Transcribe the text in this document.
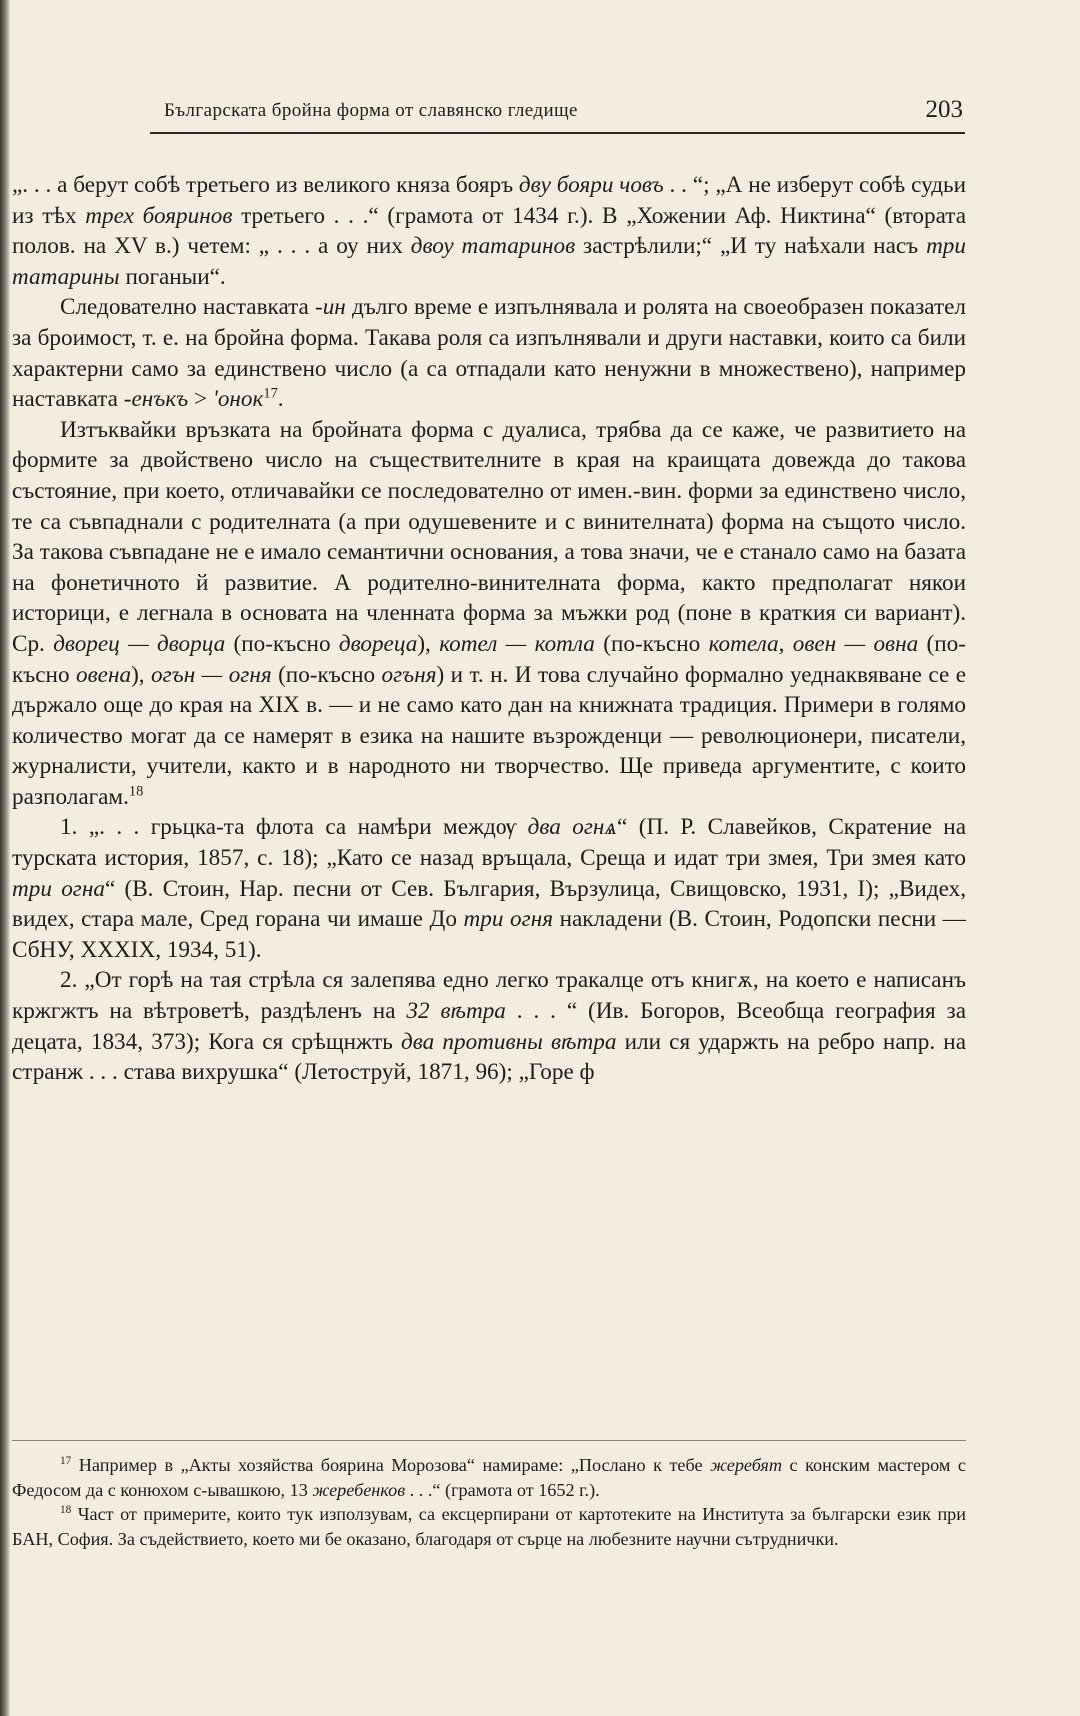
Българската бройна форма от славянско гледище	203

„. . . а берут собѣ третьего из великого княза бояръ дву бояри човъ . . “; „А не изберут собѣ судьи из тѣх трех бояринов третьего . . .“ (грамота от 1434 г.). В „Хожении Аф. Никтина“ (втората полов. на XV в.) четем: „ . . . а оу них двоу татаринов застрѣлили;“ „И ту наѣхали насъ три татарины поганыи“.

Следователно наставката -ин дълго време е изпълнявала и ролята на своеобразен показател за броимост, т. е. на бройна форма. Такава роля са изпълнявали и други наставки, които са били характерни само за единствено число (а са отпадали като ненужни в множествено), например наставката -енъкъ > 'онок$^{17}$.

Изтъквайки връзката на бройната форма с дуалиса, трябва да се каже, че развитието на формите за двойствено число на съществителните в края на краищата довежда до такова състояние, при което, отличавайки се последователно от имен.-вин. форми за единствено число, те са съвпаднали с родителната (а при одушевените и с винителната) форма на същото число. За такова съвпадане не е имало семантични основания, а това значи, че е станало само на базата на фонетичното й развитие. А родително-винителната форма, както предполагат някои историци, е легнала в основата на членната форма за мъжки род (поне в краткия си вариант). Ср. дворец — дворца (по-късно двореца), котел — котла (по-късно котела, овен — овна (по-късно овена), огън — огня (по-късно огъня) и т. н. И това случайно формално уеднаквяване се е държало още до края на XIX в. — и не само като дан на книжната традиция. Примери в голямо количество могат да се намерят в езика на нашите възрожденци — революционери, писатели, журналисти, учители, както и в народното ни творчество. Ще приведа аргументите, с които разполагам.$^{18}$

1. „. . . грьцка-та флота са намѣри междѹ два огнѧ“ (П. Р. Славейков, Скратение на турската история, 1857, с. 18); „Като се назад връщала, Среща и идат три змея, Три змея като три огна“ (В. Стоин, Нар. песни от Сев. България, Вързулица, Свищовско, 1931, I); „Видех, видех, стара мале, Сред горана чи имаше До три огня накладени (В. Стоин, Родопски песни — СбНУ, XXXIX, 1934, 51).

2. „От горѣ на тая стрѣла ся залепява едно легко тракалце отъ книгѫ, на което е написанъ кржгжтъ на вѣтроветѣ, раздѣленъ на 32 вѣтра . . . “ (Ив. Богоров, Всеобща география за децата, 1834, 373); Кога ся срѣщнжть два противны вѣтра или ся ударжть на ребро напр. на странж . . . става вихрушка“ (Летоструй, 1871, 96); „Горе ф

$^{17}$ Например в „Акты хозяйства боярина Морозова“ намираме: „Послано к тебе жеребят с конским мастером с Федосом да с конюхом с-ывашкою, 13 жеребенков . . .“ (грамота от 1652 г.).

$^{18}$ Част от примерите, които тук използувам, са ексцерпирани от картотеките на Института за български език при БАН, София. За съдействието, което ми бе оказано, благодаря от сърце на любезните научни сътруднички.
